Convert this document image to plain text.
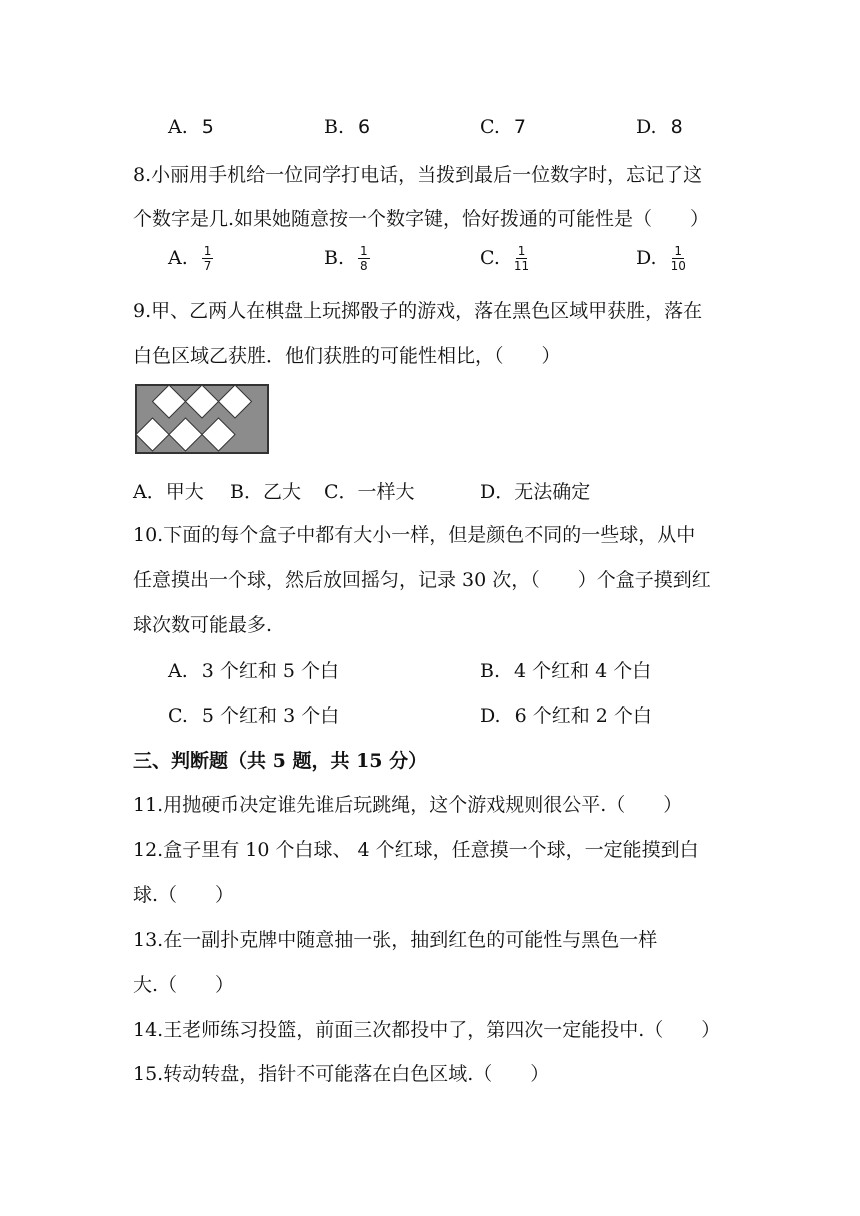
A. 5	B. 6	C. 7	D. 8
8.小丽用手机给一位同学打电话，当拨到最后一位数字时，忘记了这
个数字是几.如果她随意按一个数字键，恰好拨通的可能性是（　　）
A. $\frac{1}{7}$	B. $\frac{1}{8}$	C. $\frac{1}{11}$	D. $\frac{1}{10}$
9.甲、乙两人在棋盘上玩掷骰子的游戏，落在黑色区域甲获胜，落在
白色区域乙获胜．他们获胜的可能性相比，（　　）
A．甲大 B．乙大 C．一样大	D．无法确定
10.下面的每个盒子中都有大小一样，但是颜色不同的一些球，从中
任意摸出一个球，然后放回摇匀，记录 30 次，（　　）个盒子摸到红
球次数可能最多.
A. 3 个红和 5 个白	B. 4 个红和 4 个白
C. 5 个红和 3 个白	D. 6 个红和 2 个白
三、判断题（共 5 题，共 15 分）
11.用抛硬币决定谁先谁后玩跳绳，这个游戏规则很公平.（　　）
12.盒子里有 10 个白球、 4 个红球，任意摸一个球，一定能摸到白
球.（　　）
13.在一副扑克牌中随意抽一张，抽到红色的可能性与黑色一样
大.（　　）
14.王老师练习投篮，前面三次都投中了，第四次一定能投中.（　　）
15.转动转盘，指针不可能落在白色区域.（　　）
